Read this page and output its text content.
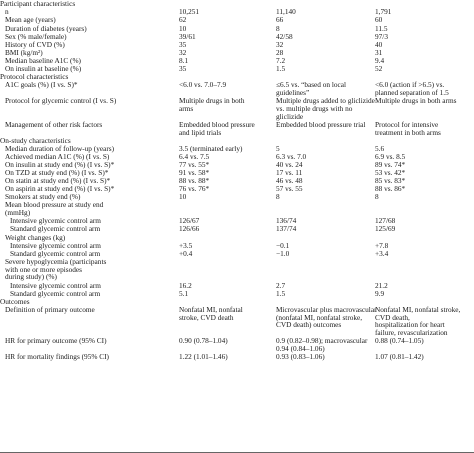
Participant characteristics			
n	10,251	11,140	1,791
Mean age (years)	62	66	60
Duration of diabetes (years)	10	8	11.5
Sex (% male/female)	39/61	42/58	97/3
History of CVD (%)	35	32	40
BMI (kg/m²)	32	28	31
Median baseline A1C (%)	8.1	7.2	9.4
On insulin at baseline (%)	35	1.5	52
Protocol characteristics			
A1C goals (%) (I vs. S)*	<6.0 vs. 7.0–7.9	≤6.5 vs. “based on local	<6.0 (action if >6.5) vs.
		guidelines”	planned separation of 1.5
Protocol for glycemic control (I vs. S)	Multiple drugs in both	Multiple drugs added to gliclizide	Multiple drugs in both arms
	arms	vs. multiple drugs with no	
		gliclizide	
Management of other risk factors	Embedded blood pressure	Embedded blood pressure trial	Protocol for intensive
	and lipid trials		treatment in both arms
On-study characteristics			
Median duration of follow-up (years)	3.5 (terminated early)	5	5.6
Achieved median A1C (%) (I vs. S)	6.4 vs. 7.5	6.3 vs. 7.0	6.9 vs. 8.5
On insulin at study end (%) (I vs. S)*	77 vs. 55*	40 vs. 24	89 vs. 74*
On TZD at study end (%) (I vs. S)*	91 vs. 58*	17 vs. 11	53 vs. 42*
On statin at study end (%) (I vs. S)*	88 vs. 88*	46 vs. 48	85 vs. 83*
On aspirin at study end (%) (I vs. S)*	76 vs. 76*	57 vs. 55	88 vs. 86*
Smokers at study end (%)	10	8	8
Mean blood pressure at study end			
(mmHg)			
Intensive glycemic control arm	126/67	136/74	127/68
Standard glycemic control arm	126/66	137/74	125/69
Weight changes (kg)			
Intensive glycemic control arm	+3.5	−0.1	+7.8
Standard glycemic control arm	+0.4	−1.0	+3.4
Severe hypoglycemia (participants			
with one or more episodes			
during study) (%)			
Intensive glycemic control arm	16.2	2.7	21.2
Standard glycemic control arm	5.1	1.5	9.9
Outcomes			
Definition of primary outcome	Nonfatal MI, nonfatal	Microvascular plus macrovascular	Nonfatal MI, nonfatal stroke,
	stroke, CVD death	(nonfatal MI, nonfatal stroke,	CVD death,
		CVD death) outcomes	hospitalization for heart
			failure, revascularization
HR for primary outcome (95% CI)	0.90 (0.78–1.04)	0.9 (0.82–0.98); macrovascular	0.88 (0.74–1.05)
		0.94 (0.84–1.06)	
HR for mortality findings (95% CI)	1.22 (1.01–1.46)	0.93 (0.83–1.06)	1.07 (0.81–1.42)
